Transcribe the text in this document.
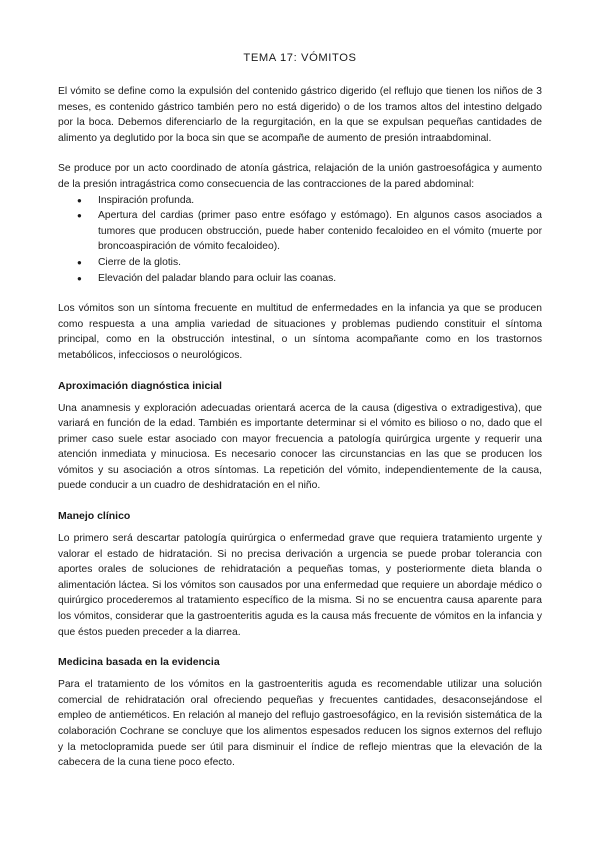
TEMA 17: VÓMITOS

El vómito se define como la expulsión del contenido gástrico digerido (el reflujo que tienen los niños de 3 meses, es contenido gástrico también pero no está digerido) o de los tramos altos del intestino delgado por la boca. Debemos diferenciarlo de la regurgitación, en la que se expulsan pequeñas cantidades de alimento ya deglutido por la boca sin que se acompañe de aumento de presión intraabdominal.

Se produce por un acto coordinado de atonía gástrica, relajación de la unión gastroesofágica y aumento de la presión intragástrica como consecuencia de las contracciones de la pared abdominal:

● Inspiración profunda.
● Apertura del cardias (primer paso entre esófago y estómago). En algunos casos asociados a tumores que producen obstrucción, puede haber contenido fecaloideo en el vómito (muerte por broncoaspiración de vómito fecaloideo).
● Cierre de la glotis.
● Elevación del paladar blando para ocluir las coanas.

Los vómitos son un síntoma frecuente en multitud de enfermedades en la infancia ya que se producen como respuesta a una amplia variedad de situaciones y problemas pudiendo constituir el síntoma principal, como en la obstrucción intestinal, o un síntoma acompañante como en los trastornos metabólicos, infecciosos o neurológicos.

Aproximación diagnóstica inicial

Una anamnesis y exploración adecuadas orientará acerca de la causa (digestiva o extradigestiva), que variará en función de la edad. También es importante determinar si el vómito es bilioso o no, dado que el primer caso suele estar asociado con mayor frecuencia a patología quirúrgica urgente y requerir una atención inmediata y minuciosa. Es necesario conocer las circunstancias en las que se producen los vómitos y su asociación a otros síntomas. La repetición del vómito, independientemente de la causa, puede conducir a un cuadro de deshidratación en el niño.

Manejo clínico

Lo primero será descartar patología quirúrgica o enfermedad grave que requiera tratamiento urgente y valorar el estado de hidratación. Si no precisa derivación a urgencia se puede probar tolerancia con aportes orales de soluciones de rehidratación a pequeñas tomas, y posteriormente dieta blanda o alimentación láctea. Si los vómitos son causados por una enfermedad que requiere un abordaje médico o quirúrgico procederemos al tratamiento específico de la misma. Si no se encuentra causa aparente para los vómitos, considerar que la gastroenteritis aguda es la causa más frecuente de vómitos en la infancia y que éstos pueden preceder a la diarrea.

Medicina basada en la evidencia

Para el tratamiento de los vómitos en la gastroenteritis aguda es recomendable utilizar una solución comercial de rehidratación oral ofreciendo pequeñas y frecuentes cantidades, desaconsejándose el empleo de antieméticos. En relación al manejo del reflujo gastroesofágico, en la revisión sistemática de la colaboración Cochrane se concluye que los alimentos espesados reducen los signos externos del reflujo y la metoclopramida puede ser útil para disminuir el índice de reflejo mientras que la elevación de la cabecera de la cuna tiene poco efecto.
